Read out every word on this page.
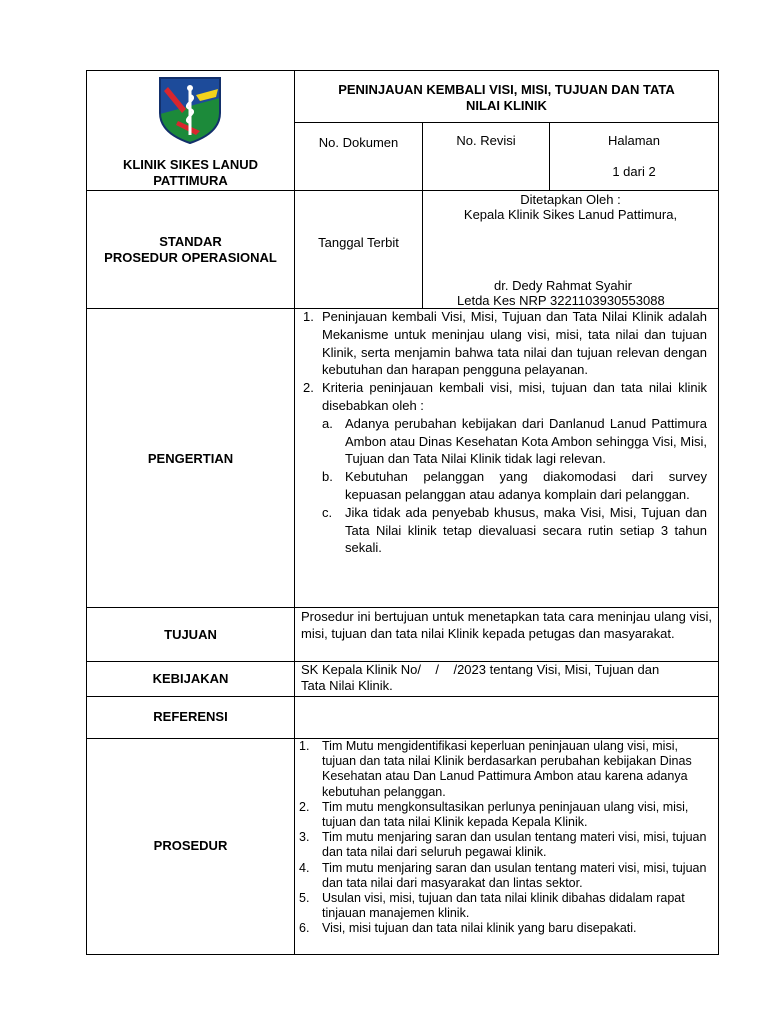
KLINIK SIKES LANUD
PATTIMURA
PENINJAUAN KEMBALI VISI, MISI, TUJUAN DAN TATA
NILAI KLINIK
No. Dokumen	No. Revisi	Halaman
1 dari 2
STANDAR
PROSEDUR OPERASIONAL
Tanggal Terbit
Ditetapkan Oleh :
Kepala Klinik Sikes Lanud Pattimura,
dr. Dedy Rahmat Syahir
Letda Kes NRP 3221103930553088
PENGERTIAN
1. Peninjauan kembali Visi, Misi, Tujuan dan Tata Nilai Klinik adalah Mekanisme untuk meninjau ulang visi, misi, tata nilai dan tujuan Klinik, serta menjamin bahwa tata nilai dan tujuan relevan dengan kebutuhan dan harapan pengguna pelayanan.
2. Kriteria peninjauan kembali visi, misi, tujuan dan tata nilai klinik disebabkan oleh :
a. Adanya perubahan kebijakan dari Danlanud Lanud Pattimura Ambon atau Dinas Kesehatan Kota Ambon sehingga Visi, Misi, Tujuan dan Tata Nilai Klinik tidak lagi relevan.
b. Kebutuhan pelanggan yang diakomodasi dari survey kepuasan pelanggan atau adanya komplain dari pelanggan.
c. Jika tidak ada penyebab khusus, maka Visi, Misi, Tujuan dan Tata Nilai klinik tetap dievaluasi secara rutin setiap 3 tahun sekali.
TUJUAN
Prosedur ini bertujuan untuk menetapkan tata cara meninjau ulang visi, misi, tujuan dan tata nilai Klinik kepada petugas dan masyarakat.
KEBIJAKAN
SK Kepala Klinik No/    /    /2023 tentang Visi, Misi, Tujuan dan
Tata Nilai Klinik.
REFERENSI
PROSEDUR
1. Tim Mutu mengidentifikasi keperluan peninjauan ulang visi, misi, tujuan dan tata nilai Klinik berdasarkan perubahan kebijakan Dinas Kesehatan atau Dan Lanud Pattimura Ambon atau karena adanya kebutuhan pelanggan.
2. Tim mutu mengkonsultasikan perlunya peninjauan ulang visi, misi, tujuan dan tata nilai Klinik kepada Kepala Klinik.
3. Tim mutu menjaring saran dan usulan tentang materi visi, misi, tujuan dan tata nilai dari seluruh pegawai klinik.
4. Tim mutu menjaring saran dan usulan tentang materi visi, misi, tujuan dan tata nilai dari masyarakat dan lintas sektor.
5. Usulan visi, misi, tujuan dan tata nilai klinik dibahas didalam rapat tinjauan manajemen klinik.
6. Visi, misi tujuan dan tata nilai klinik yang baru disepakati.
